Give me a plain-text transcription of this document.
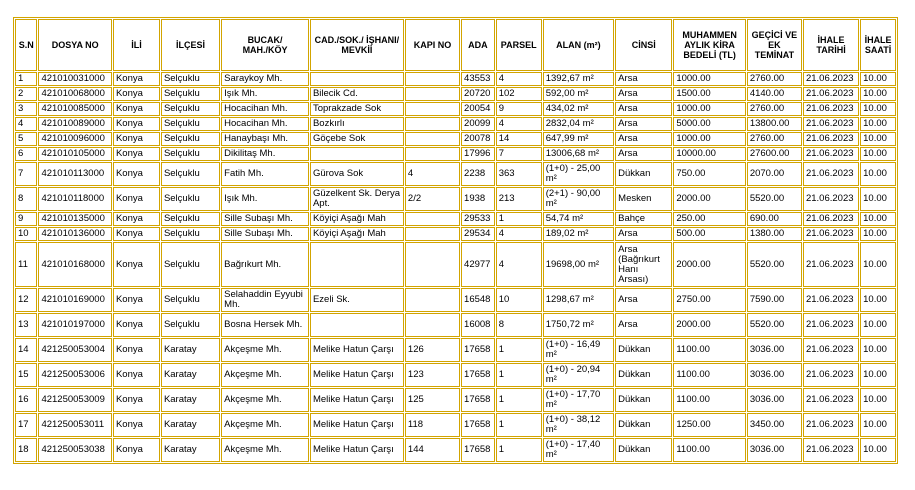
S.N	DOSYA NO	İLİ	İLÇESİ	BUCAK/ MAH./KÖY	CAD./SOK./ İŞHANI/ MEVKİİ	KAPI NO	ADA	PARSEL	ALAN (m²)	CİNSİ	MUHAMMEN AYLIK KİRA BEDELİ (TL)	GEÇİCİ VE EK TEMİNAT	İHALE TARİHİ	İHALE SAATİ
1	421010031000	Konya	Selçuklu	Saraykoy Mh.			43553	4	1392,67 m²	Arsa	1000.00	2760.00	21.06.2023	10.00
2	421010068000	Konya	Selçuklu	Işık Mh.	Bilecik Cd.		20720	102	592,00 m²	Arsa	1500.00	4140.00	21.06.2023	10.00
3	421010085000	Konya	Selçuklu	Hocacihan Mh.	Toprakzade Sok		20054	9	434,02 m²	Arsa	1000.00	2760.00	21.06.2023	10.00
4	421010089000	Konya	Selçuklu	Hocacihan Mh.	Bozkırlı		20099	4	2832,04 m²	Arsa	5000.00	13800.00	21.06.2023	10.00
5	421010096000	Konya	Selçuklu	Hanaybaşı Mh.	Göçebe Sok		20078	14	647,99 m²	Arsa	1000.00	2760.00	21.06.2023	10.00
6	421010105000	Konya	Selçuklu	Dikilitaş Mh.			17996	7	13006,68 m²	Arsa	10000.00	27600.00	21.06.2023	10.00
7	421010113000	Konya	Selçuklu	Fatih Mh.	Gürova Sok	4	2238	363	(1+0) - 25,00 m²	Dükkan	750.00	2070.00	21.06.2023	10.00
8	421010118000	Konya	Selçuklu	Işık Mh.	Güzelkent Sk. Derya Apt.	2/2	1938	213	(2+1) - 90,00 m²	Mesken	2000.00	5520.00	21.06.2023	10.00
9	421010135000	Konya	Selçuklu	Sille Subaşı Mh.	Köyiçi Aşağı Mah		29533	1	54,74 m²	Bahçe	250.00	690.00	21.06.2023	10.00
10	421010136000	Konya	Selçuklu	Sille Subaşı Mh.	Köyiçi Aşağı Mah		29534	4	189,02 m²	Arsa	500.00	1380.00	21.06.2023	10.00
11	421010168000	Konya	Selçuklu	Bağrıkurt Mh.			42977	4	19698,00 m²	Arsa (Bağrıkurt Hanı Arsası)	2000.00	5520.00	21.06.2023	10.00
12	421010169000	Konya	Selçuklu	Selahaddin Eyyubi Mh.	Ezeli Sk.		16548	10	1298,67 m²	Arsa	2750.00	7590.00	21.06.2023	10.00
13	421010197000	Konya	Selçuklu	Bosna Hersek Mh.			16008	8	1750,72 m²	Arsa	2000.00	5520.00	21.06.2023	10.00
14	421250053004	Konya	Karatay	Akçeşme Mh.	Melike Hatun Çarşı	126	17658	1	(1+0) - 16,49 m²	Dükkan	1100.00	3036.00	21.06.2023	10.00
15	421250053006	Konya	Karatay	Akçeşme Mh.	Melike Hatun Çarşı	123	17658	1	(1+0) - 20,94 m²	Dükkan	1100.00	3036.00	21.06.2023	10.00
16	421250053009	Konya	Karatay	Akçeşme Mh.	Melike Hatun Çarşı	125	17658	1	(1+0) - 17,70 m²	Dükkan	1100.00	3036.00	21.06.2023	10.00
17	421250053011	Konya	Karatay	Akçeşme Mh.	Melike Hatun Çarşı	118	17658	1	(1+0) - 38,12 m²	Dükkan	1250.00	3450.00	21.06.2023	10.00
18	421250053038	Konya	Karatay	Akçeşme Mh.	Melike Hatun Çarşı	144	17658	1	(1+0) - 17,40 m²	Dükkan	1100.00	3036.00	21.06.2023	10.00
